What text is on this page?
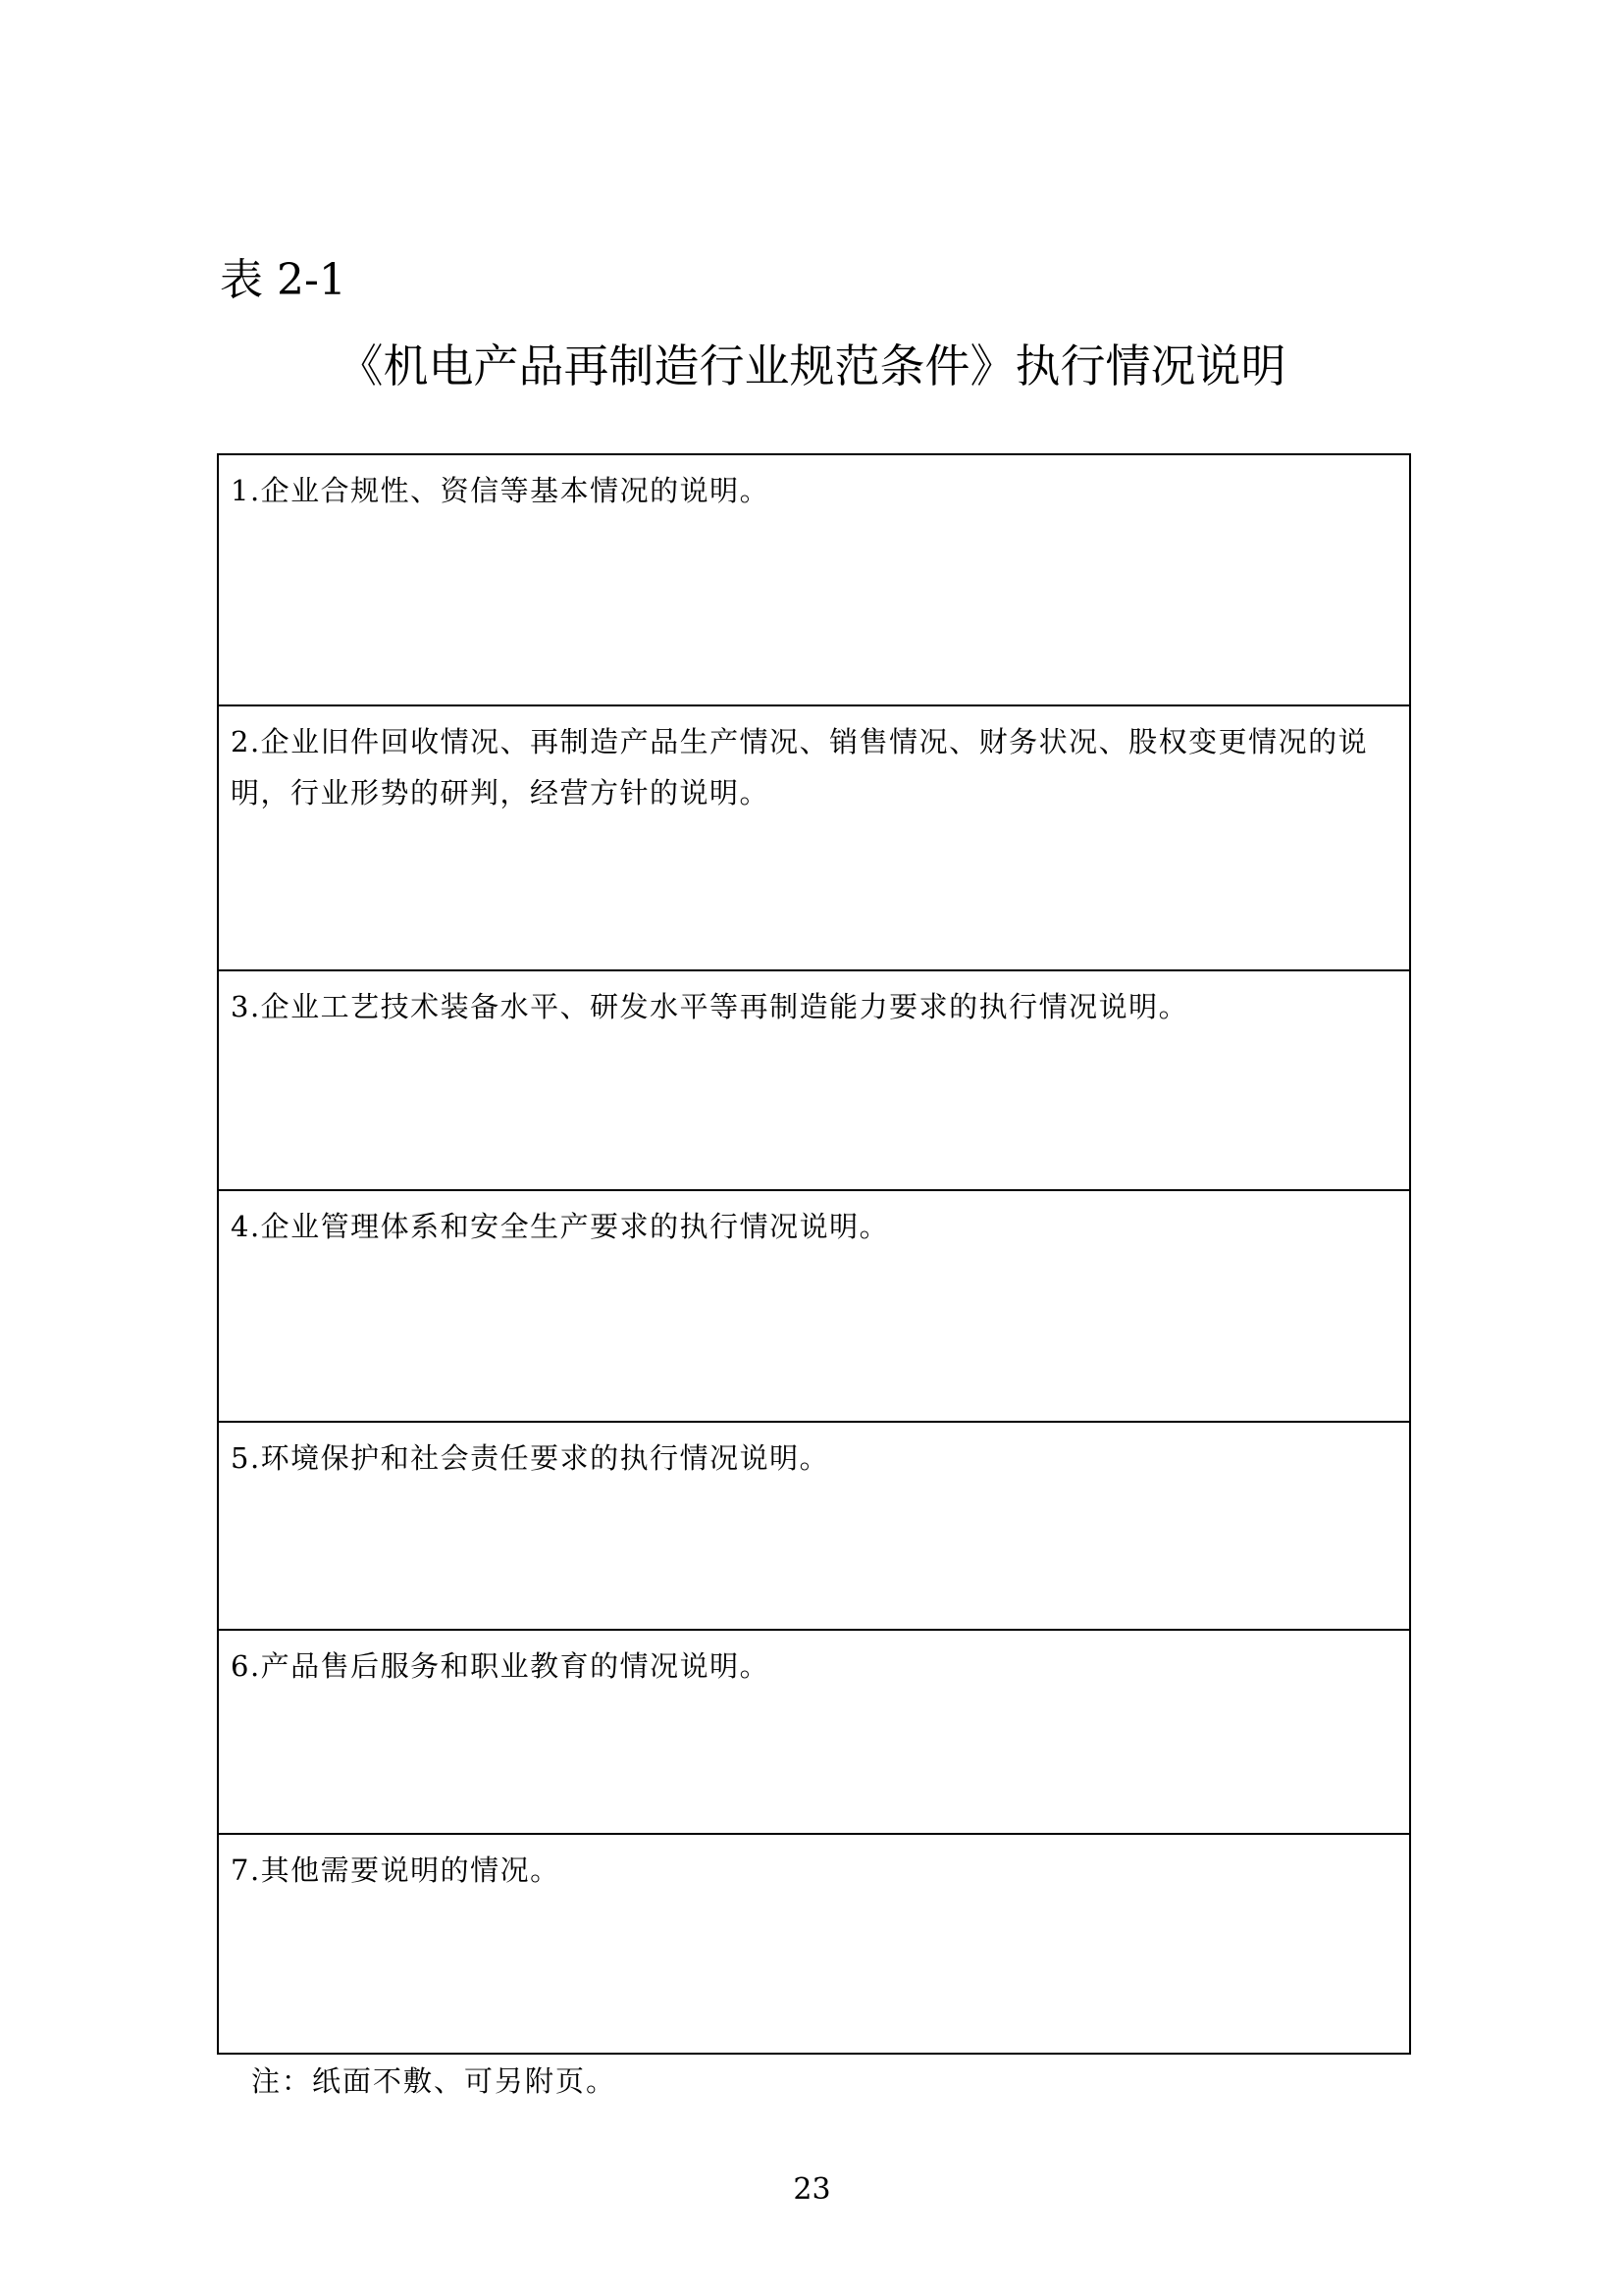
表 2-1
《机电产品再制造行业规范条件》执行情况说明
1.企业合规性、资信等基本情况的说明。
2.企业旧件回收情况、再制造产品生产情况、销售情况、财务状况、股权变更情况的说明，行业形势的研判，经营方针的说明。
3.企业工艺技术装备水平、研发水平等再制造能力要求的执行情况说明。
4.企业管理体系和安全生产要求的执行情况说明。
5.环境保护和社会责任要求的执行情况说明。
6.产品售后服务和职业教育的情况说明。
7.其他需要说明的情况。
注：纸面不敷、可另附页。
23
